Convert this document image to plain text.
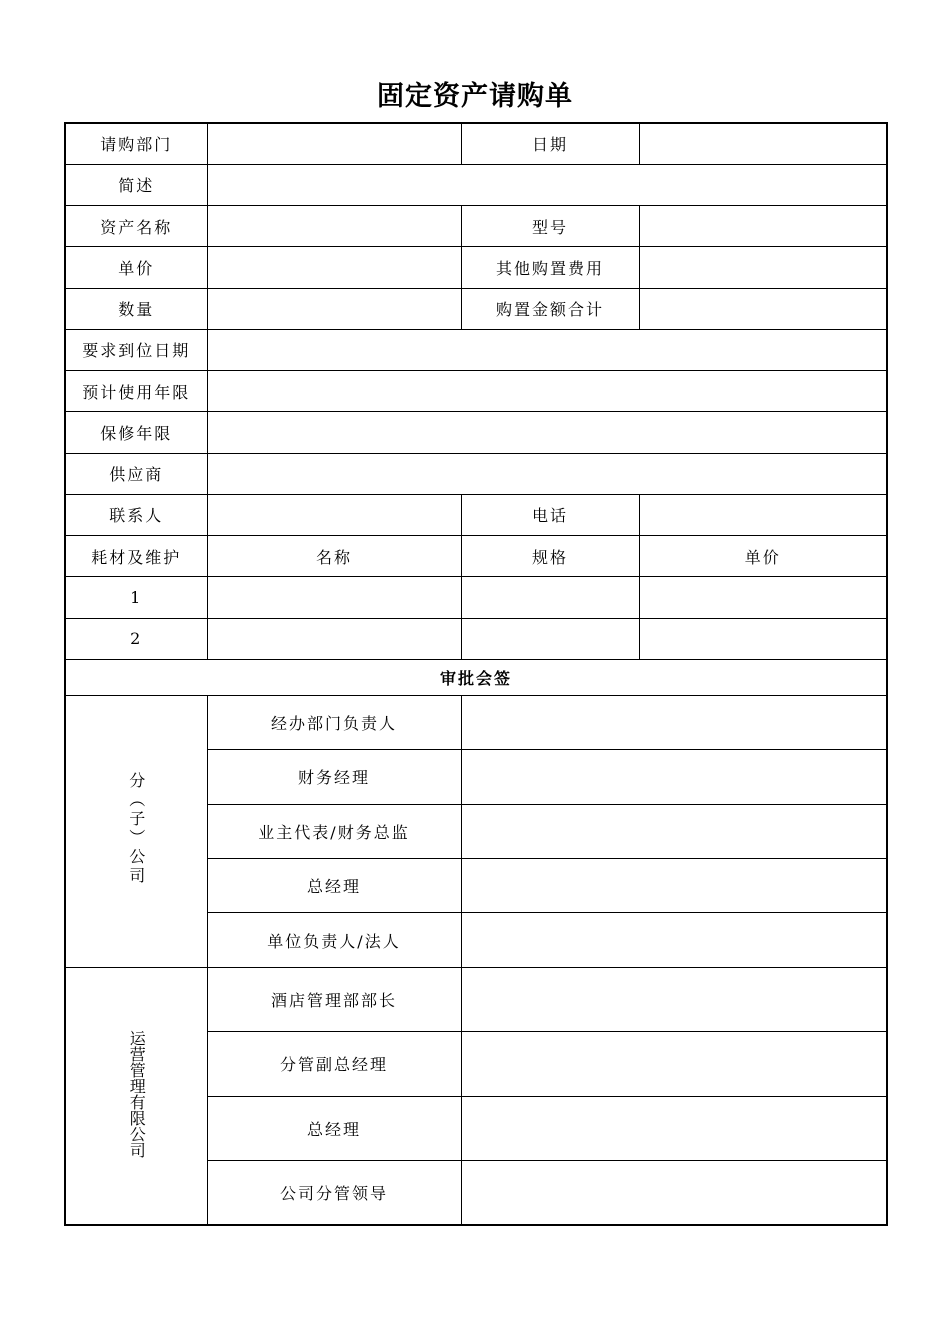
固定资产请购单
请购部门		日期	
简述			
资产名称		型号	
单价		其他购置费用	
数量		购置金额合计	
要求到位日期			
预计使用年限			
保修年限			
供应商			
联系人		电话	
耗材及维护	名称	规格	单价
1			
2			
审批会签			
分（子）公司	经办部门负责人		
	财务经理		
	业主代表/财务总监		
	总经理		
	单位负责人/法人		
运营管理有限公司	酒店管理部部长		
	分管副总经理		
	总经理		
	公司分管领导		
